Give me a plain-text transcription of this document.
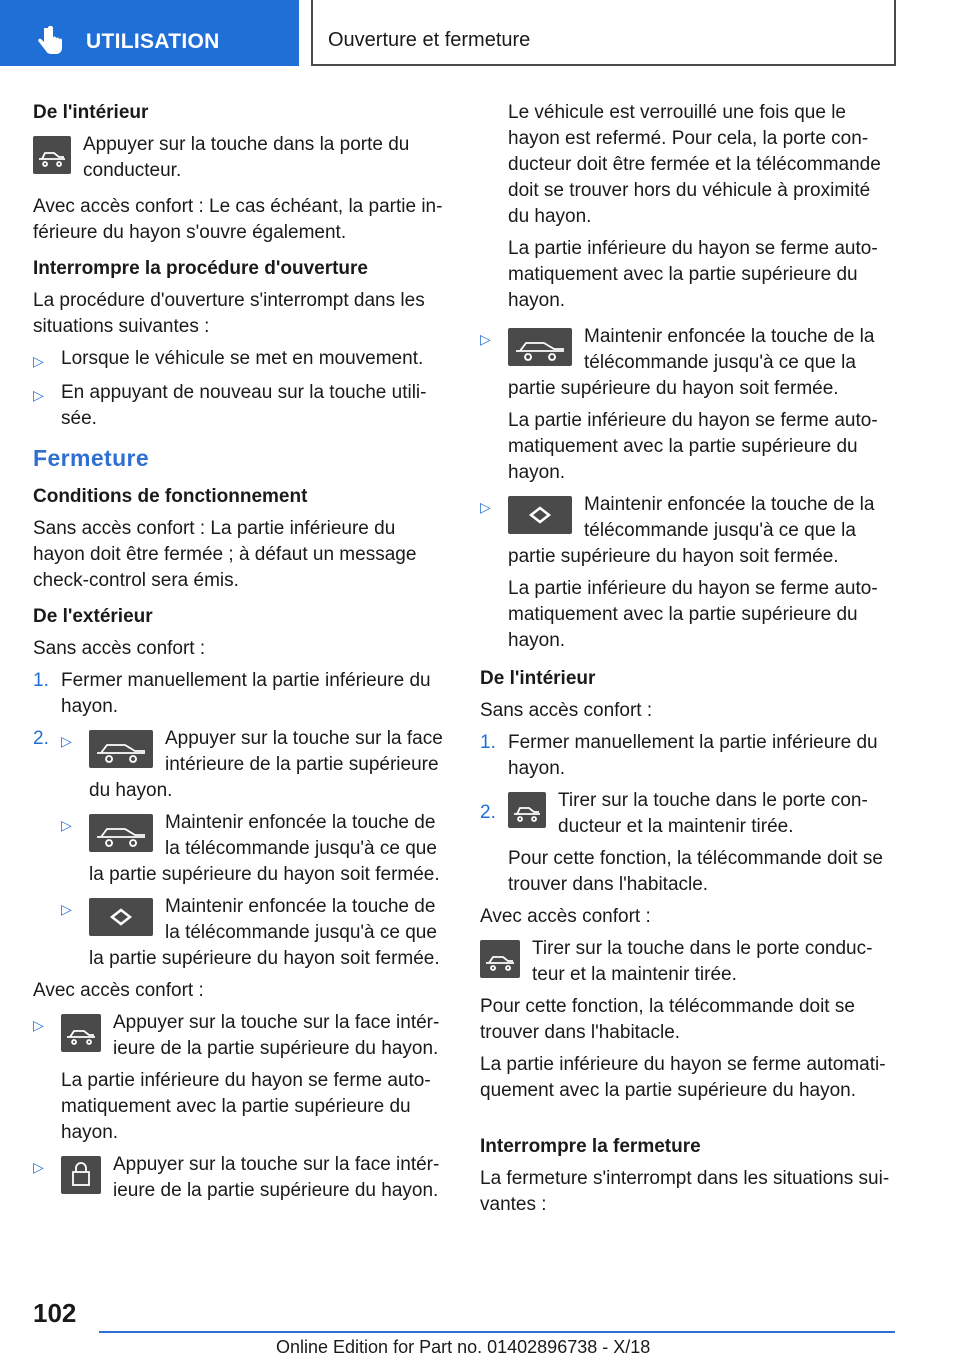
UTILISATION	Ouverture et fermeture
De l'intérieur
Appuyer sur la touche dans la porte du conducteur.
Avec accès confort : Le cas échéant, la partie inférieure du hayon s'ouvre également.
Interrompre la procédure d'ouverture
La procédure d'ouverture s'interrompt dans les situations suivantes :
▷ Lorsque le véhicule se met en mouvement.
▷ En appuyant de nouveau sur la touche utilisée.
Fermeture
Conditions de fonctionnement
Sans accès confort : La partie inférieure du hayon doit être fermée ; à défaut un message check-control sera émis.
De l'extérieur
Sans accès confort :
1. Fermer manuellement la partie inférieure du hayon.
2. ▷	Appuyer sur la touche sur la face intérieure de la partie supérieure du hayon.
▷	Maintenir enfoncée la touche de la télécommande jusqu'à ce que la partie supérieure du hayon soit fermée.
▷	Maintenir enfoncée la touche de la télécommande jusqu'à ce que la partie supérieure du hayon soit fermée.
Avec accès confort :
▷	Appuyer sur la touche sur la face intérieure de la partie supérieure du hayon.
La partie inférieure du hayon se ferme automatiquement avec la partie supérieure du hayon.
▷	Appuyer sur la touche sur la face intérieure de la partie supérieure du hayon.
Le véhicule est verrouillé une fois que le hayon est refermé. Pour cela, la porte conducteur doit être fermée et la télécommande doit se trouver hors du véhicule à proximité du hayon.
La partie inférieure du hayon se ferme automatiquement avec la partie supérieure du hayon.
▷	Maintenir enfoncée la touche de la télécommande jusqu'à ce que la partie supérieure du hayon soit fermée.
La partie inférieure du hayon se ferme automatiquement avec la partie supérieure du hayon.
▷	Maintenir enfoncée la touche de la télécommande jusqu'à ce que la partie supérieure du hayon soit fermée.
La partie inférieure du hayon se ferme automatiquement avec la partie supérieure du hayon.
De l'intérieur
Sans accès confort :
1. Fermer manuellement la partie inférieure du hayon.
2.
Tirer sur la touche dans le porte conducteur et la maintenir tirée.
Pour cette fonction, la télécommande doit se trouver dans l'habitacle.
Avec accès confort :
Tirer sur la touche dans le porte conducteur et la maintenir tirée.
Pour cette fonction, la télécommande doit se trouver dans l'habitacle.
La partie inférieure du hayon se ferme automatiquement avec la partie supérieure du hayon.
Interrompre la fermeture
La fermeture s'interrompt dans les situations suivantes :
102
Online Edition for Part no. 01402896738 - X/18
